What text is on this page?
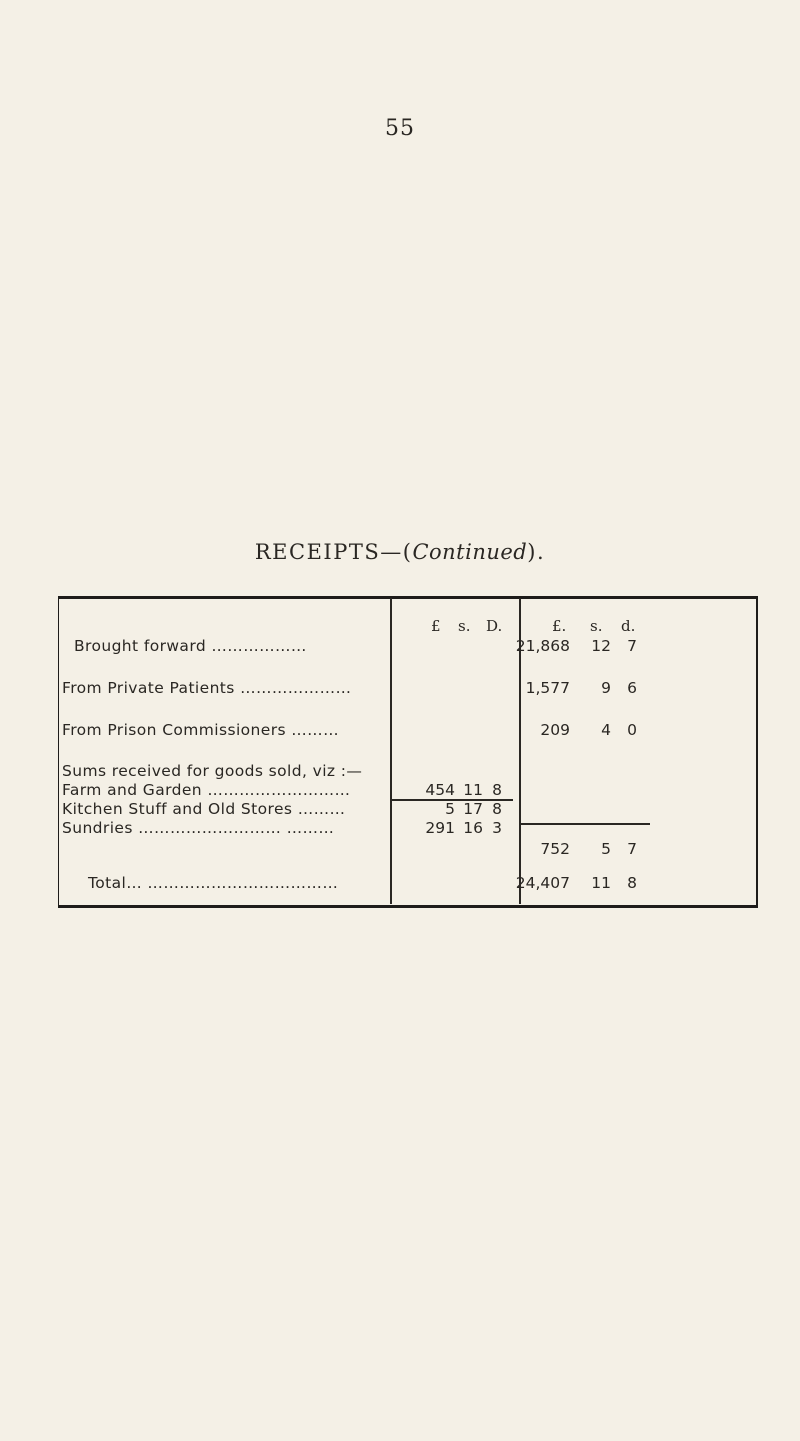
55
RECEIPTS—(Continued).
£ s. D.	£. s. d.
Brought forward ………………	21,868	12	7
From Private Patients …………………	1,577	9	6
From Prison Commissioners ………	209	4	0
Sums received for goods sold, viz :—
Farm and Garden ………………………	454 11 8
Kitchen Stuff and Old Stores ………	5 17 8
Sundries ……………………… ………	291 16 3
752	5	7
Total… ………………………………	24,407	11	8
